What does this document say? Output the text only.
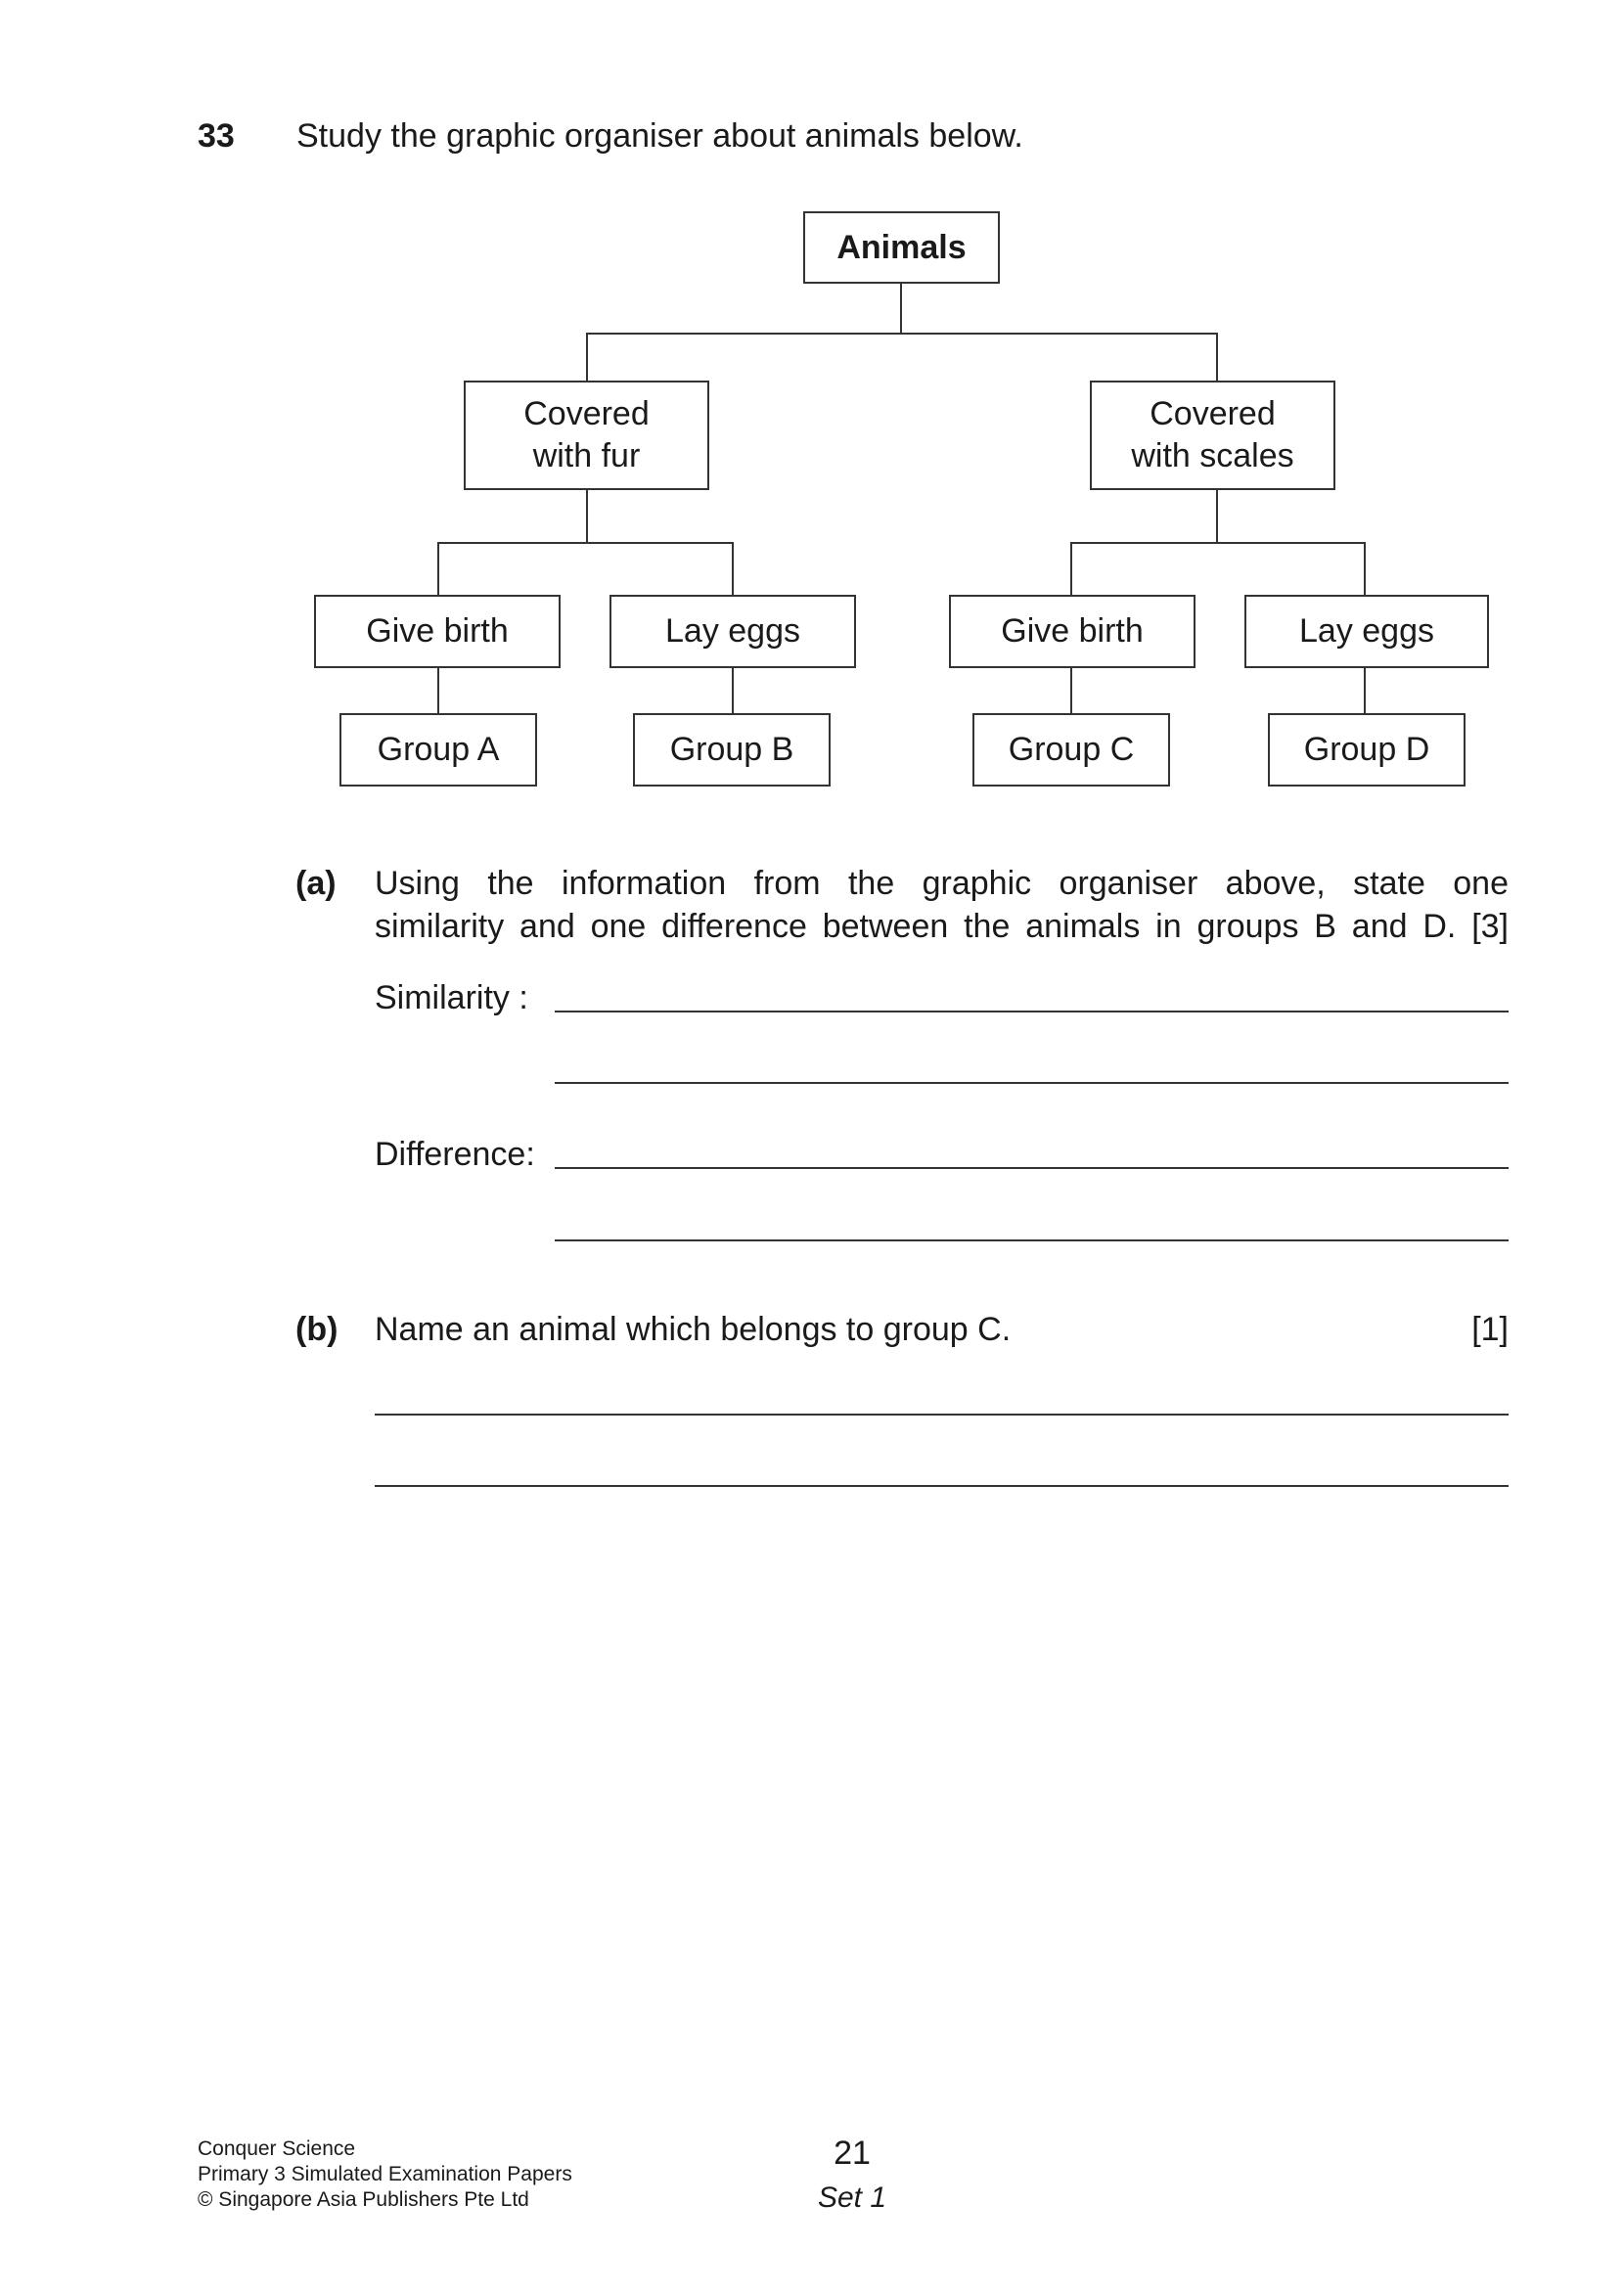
33 Study the graphic organiser about animals below.
Animals
Covered
with fur
Covered
with scales
Give birth	Lay eggs	Give birth	Lay eggs
Group A	Group B	Group C	Group D
(a) Using the information from the graphic organiser above, state one
similarity and one difference between the animals in groups B and D. [3]
Similarity :
Difference:
(b) Name an animal which belongs to group C.	[1]
Conquer Science
Primary 3 Simulated Examination Papers
© Singapore Asia Publishers Pte Ltd
21
Set 1
